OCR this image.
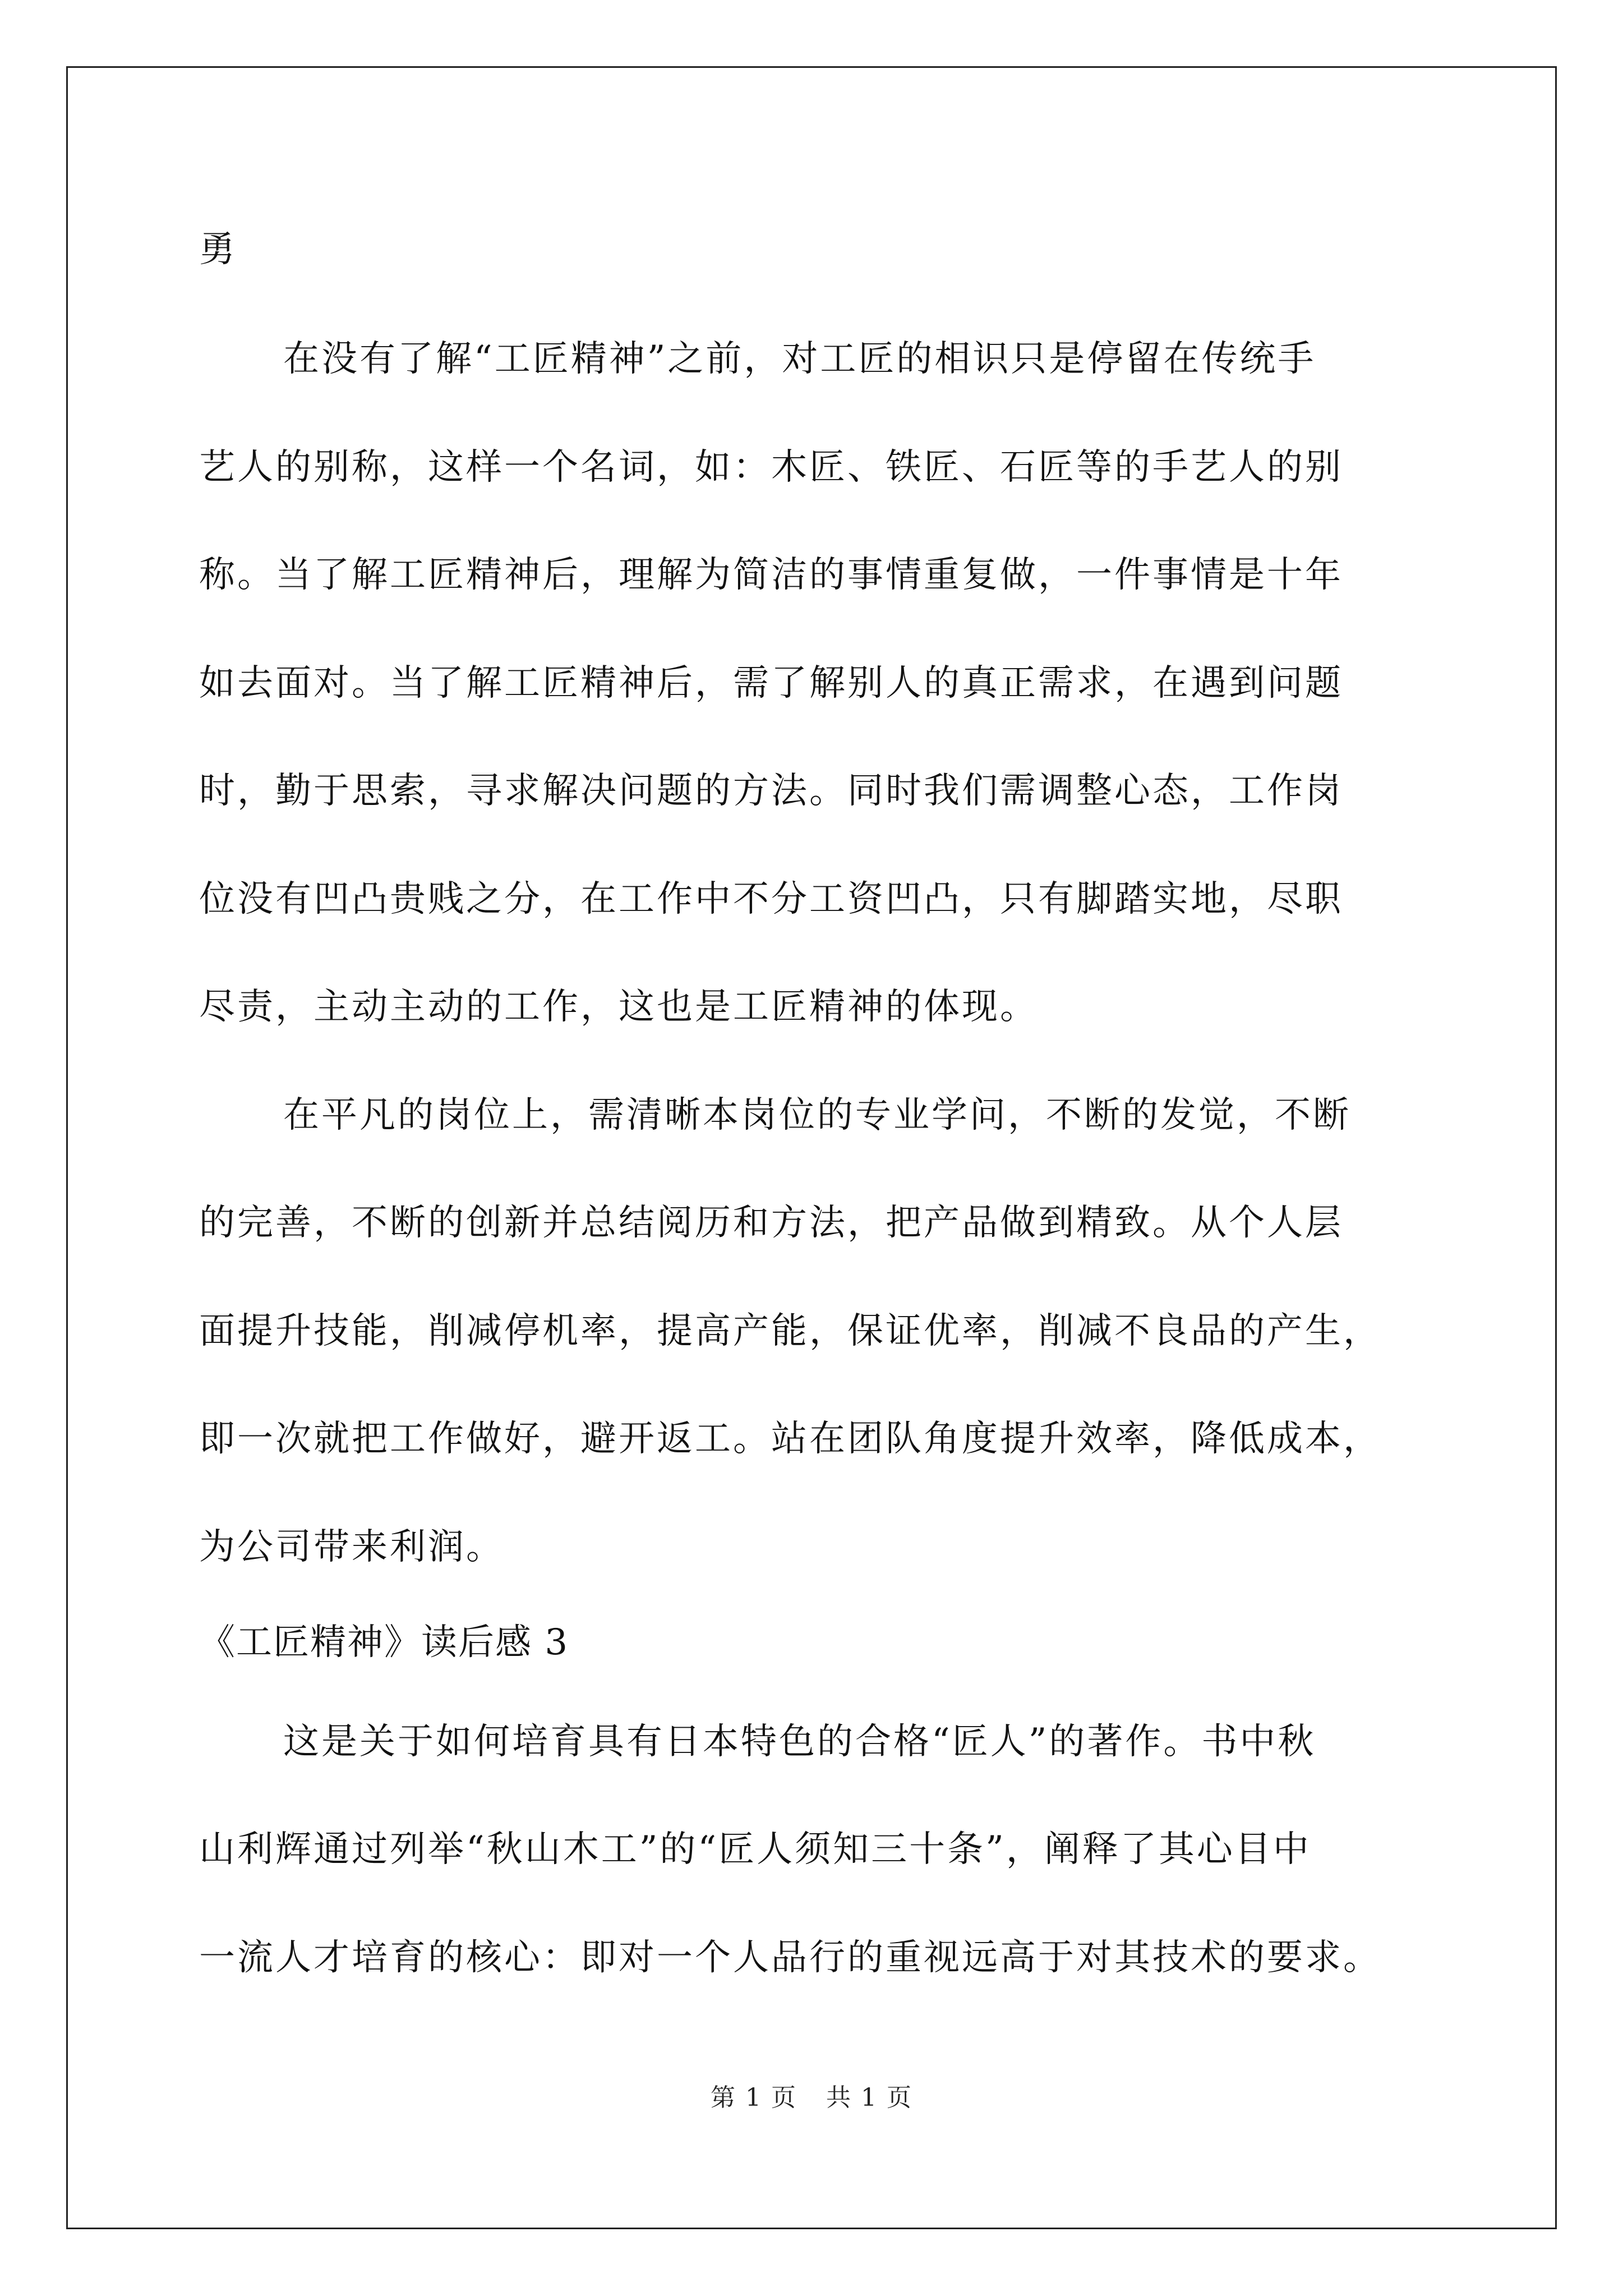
勇
在没有了解“工匠精神”之前，对工匠的相识只是停留在传统手
艺人的别称，这样一个名词，如：木匠、铁匠、石匠等的手艺人的别
称。当了解工匠精神后，理解为简洁的事情重复做，一件事情是十年
如去面对。当了解工匠精神后，需了解别人的真正需求，在遇到问题
时，勤于思索，寻求解决问题的方法。同时我们需调整心态，工作岗
位没有凹凸贵贱之分，在工作中不分工资凹凸，只有脚踏实地，尽职
尽责，主动主动的工作，这也是工匠精神的体现。
在平凡的岗位上，需清晰本岗位的专业学问，不断的发觉，不断
的完善，不断的创新并总结阅历和方法，把产品做到精致。从个人层
面提升技能，削减停机率，提高产能，保证优率，削减不良品的产生，
即一次就把工作做好，避开返工。站在团队角度提升效率，降低成本，
为公司带来利润。
《工匠精神》读后感 3
这是关于如何培育具有日本特色的合格“匠人”的著作。书中秋
山利辉通过列举“秋山木工”的“匠人须知三十条”，阐释了其心目中
一流人才培育的核心：即对一个人品行的重视远高于对其技术的要求。
第 1 页 共 1 页
